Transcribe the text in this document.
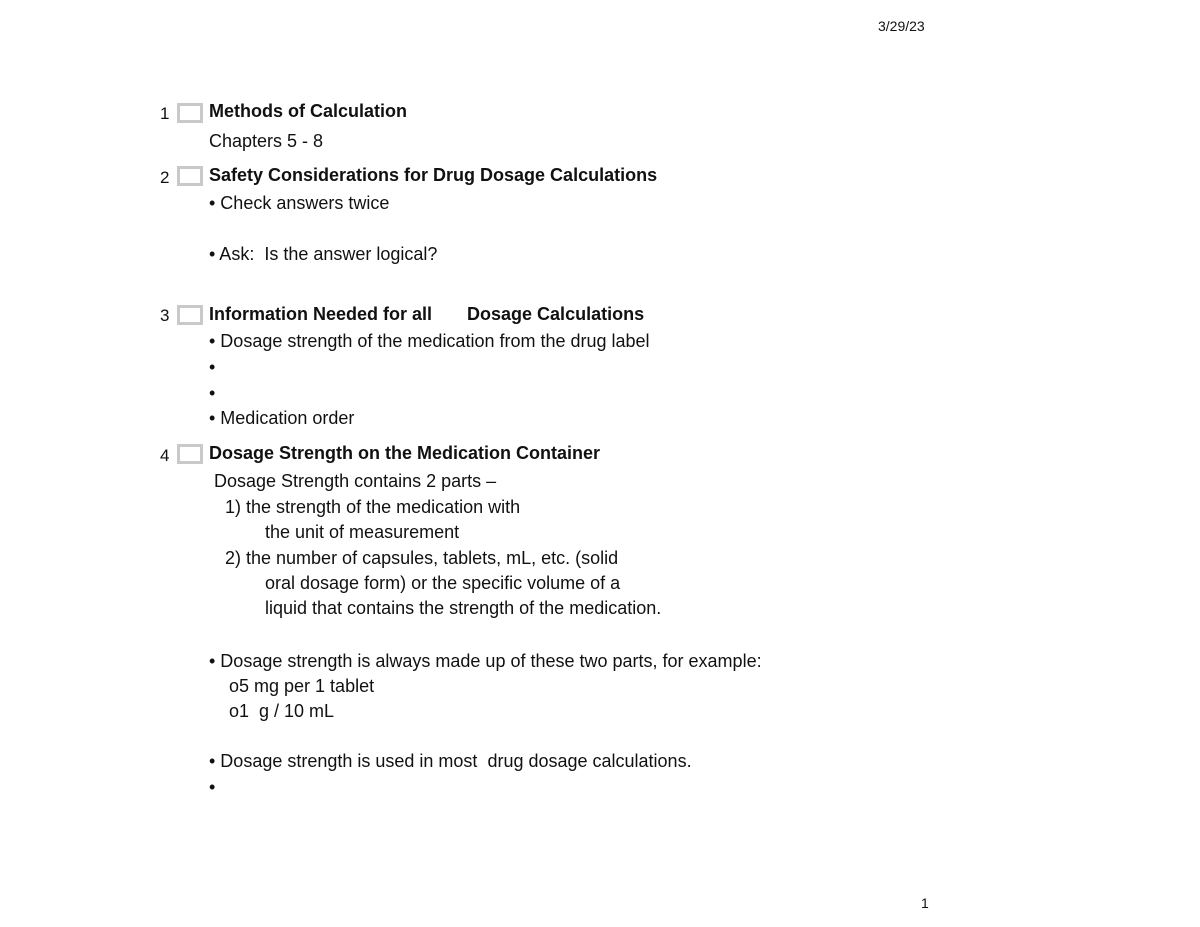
3/29/23
1 Methods of Calculation
Chapters 5 - 8
2 Safety Considerations for Drug Dosage Calculations
• Check answers twice
• Ask:  Is the answer logical?
3 Information Needed for all       Dosage Calculations
• Dosage strength of the medication from the drug label
•
•
• Medication order
4 Dosage Strength on the Medication Container
Dosage Strength contains 2 parts –
1) the strength of the medication with
the unit of measurement
2) the number of capsules, tablets, mL, etc. (solid
oral dosage form) or the specific volume of a
liquid that contains the strength of the medication.
• Dosage strength is always made up of these two parts, for example:
o5 mg per 1 tablet
o1  g / 10 mL
• Dosage strength is used in most  drug dosage calculations.
•
1
